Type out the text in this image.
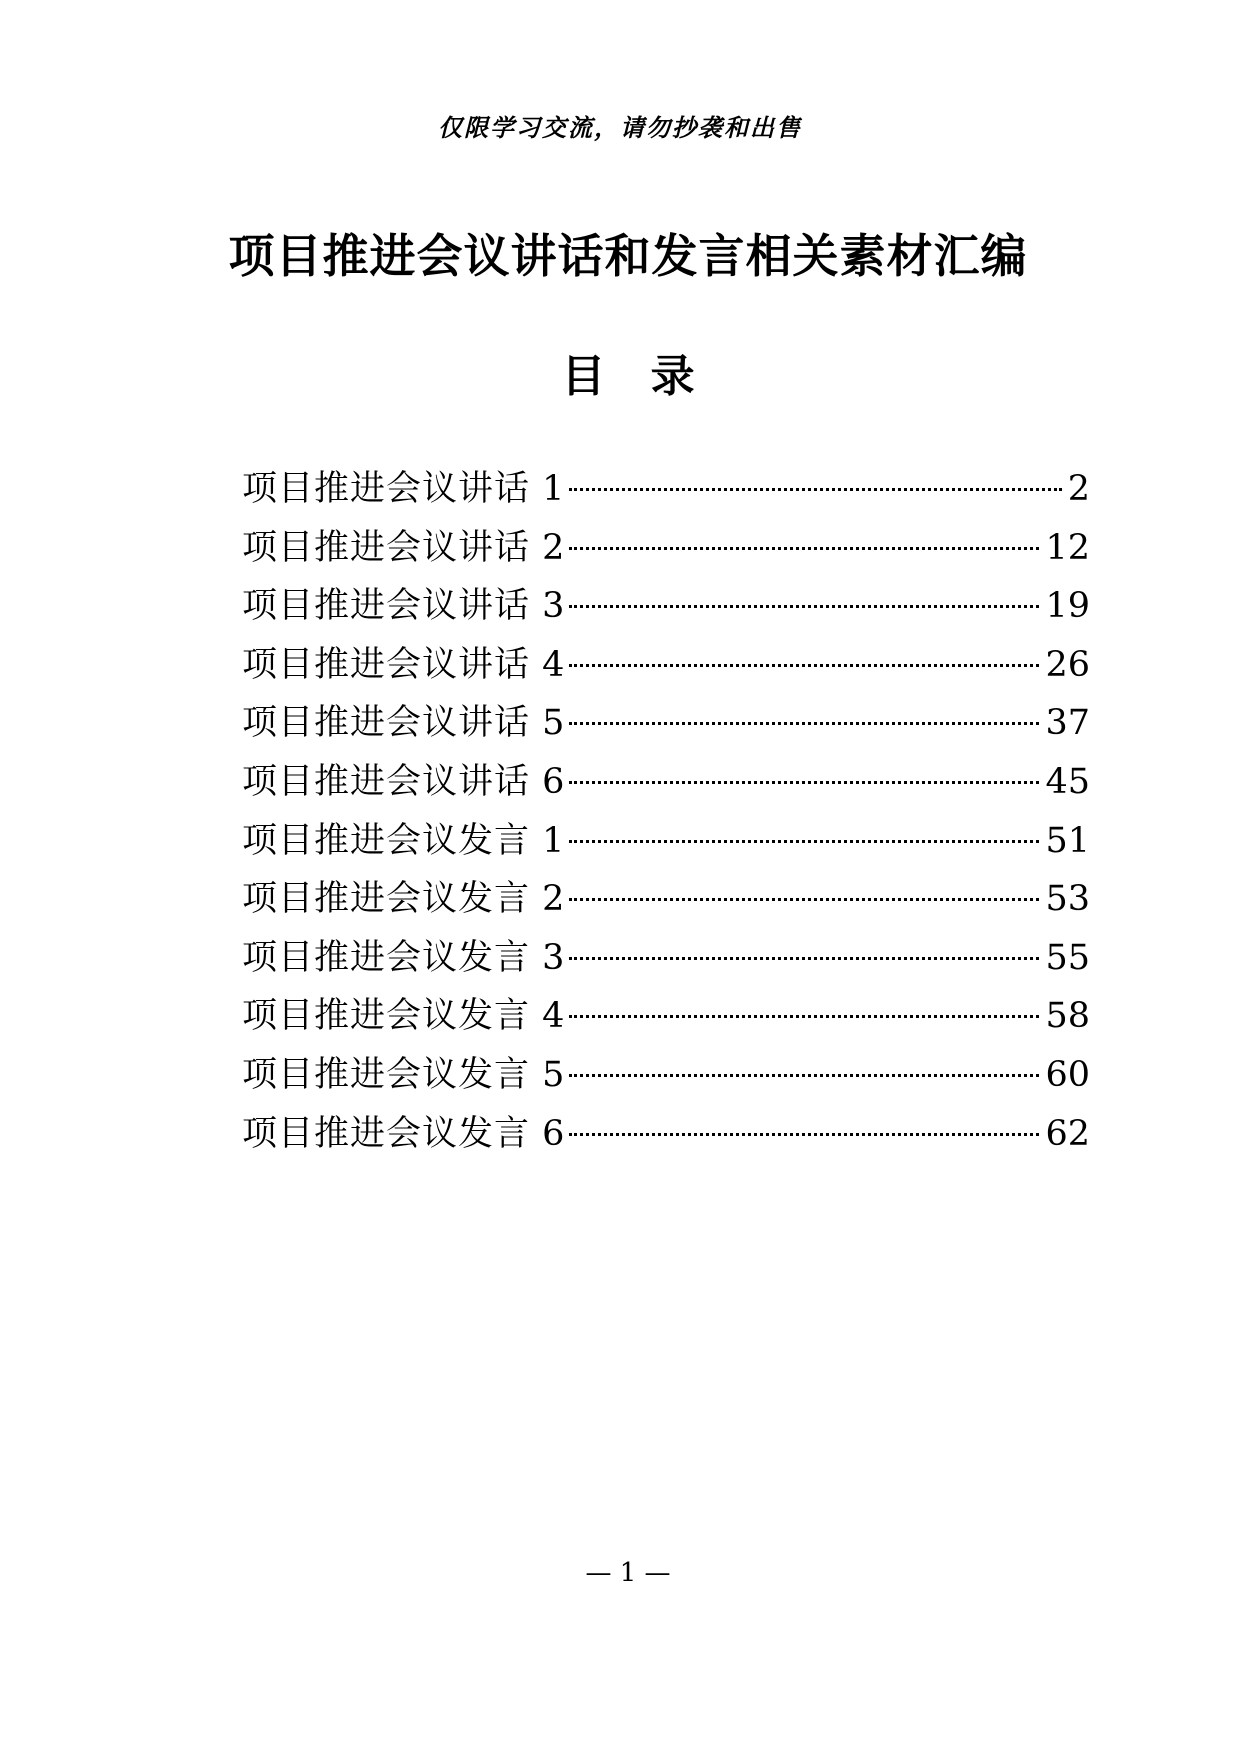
仅限学习交流，请勿抄袭和出售
项目推进会议讲话和发言相关素材汇编
目 录
项目推进会议讲话 1	2
项目推进会议讲话 2	12
项目推进会议讲话 3	19
项目推进会议讲话 4	26
项目推进会议讲话 5	37
项目推进会议讲话 6	45
项目推进会议发言 1	51
项目推进会议发言 2	53
项目推进会议发言 3	55
项目推进会议发言 4	58
项目推进会议发言 5	60
项目推进会议发言 6	62
— 1 —
